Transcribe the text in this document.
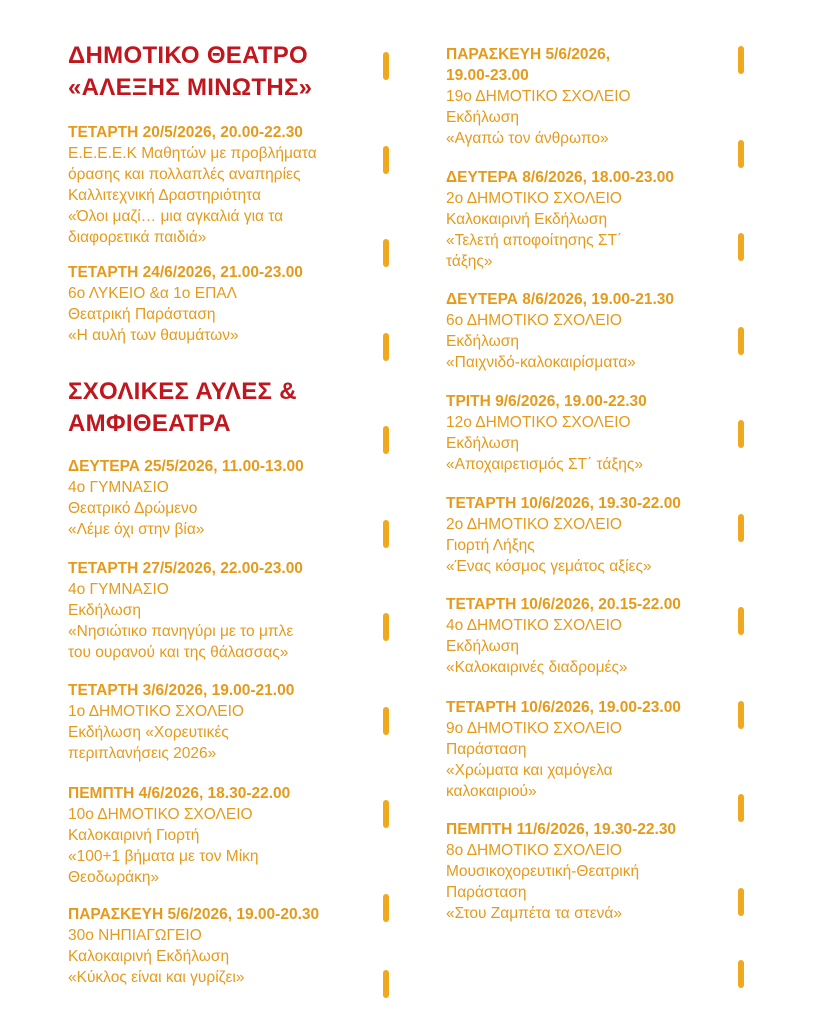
ΔΗΜΟΤΙΚΟ ΘΕΑΤΡΟ
«ΑΛΕΞΗΣ ΜΙΝΩΤΗΣ»
ΤΕΤΑΡΤΗ 20/5/2026, 20.00-22.30
Ε.Ε.Ε.Ε.Κ Μαθητών με προβλήματα
όρασης και πολλαπλές αναπηρίες
Καλλιτεχνική Δραστηριότητα
«Όλοι μαζί… μια αγκαλιά για τα
διαφορετικά παιδιά»
ΤΕΤΑΡΤΗ 24/6/2026, 21.00-23.00
6ο ΛΥΚΕΙΟ &α 1ο ΕΠΑΛ
Θεατρική Παράσταση
«Η αυλή των θαυμάτων»
ΣΧΟΛΙΚΕΣ ΑΥΛΕΣ &
ΑΜΦΙΘΕΑΤΡΑ
ΔΕΥΤΕΡΑ 25/5/2026, 11.00-13.00
4ο ΓΥΜΝΑΣΙΟ
Θεατρικό Δρώμενο
«Λέμε όχι στην βία»
ΤΕΤΑΡΤΗ 27/5/2026, 22.00-23.00
4ο ΓΥΜΝΑΣΙΟ
Εκδήλωση
«Νησιώτικο πανηγύρι με το μπλε
του ουρανού και της θάλασσας»
ΤΕΤΑΡΤΗ 3/6/2026, 19.00-21.00
1ο ΔΗΜΟΤΙΚΟ ΣΧΟΛΕΙΟ
Εκδήλωση «Χορευτικές
περιπλανήσεις 2026»
ΠΕΜΠΤΗ 4/6/2026, 18.30-22.00
10ο ΔΗΜΟΤΙΚΟ ΣΧΟΛΕΙΟ
Καλοκαιρινή Γιορτή
«100+1 βήματα με τον Μίκη
Θεοδωράκη»
ΠΑΡΑΣΚΕΥΗ 5/6/2026, 19.00-20.30
30ο ΝΗΠΙΑΓΩΓΕΙΟ
Καλοκαιρινή Εκδήλωση
«Κύκλος είναι και γυρίζει»
ΠΑΡΑΣΚΕΥΗ 5/6/2026,
19.00-23.00
19ο ΔΗΜΟΤΙΚΟ ΣΧΟΛΕΙΟ
Εκδήλωση
«Αγαπώ τον άνθρωπο»
ΔΕΥΤΕΡΑ 8/6/2026, 18.00-23.00
2ο ΔΗΜΟΤΙΚΟ ΣΧΟΛΕΙΟ
Καλοκαιρινή Εκδήλωση
«Τελετή αποφοίτησης ΣΤ΄
τάξης»
ΔΕΥΤΕΡΑ 8/6/2026, 19.00-21.30
6ο ΔΗΜΟΤΙΚΟ ΣΧΟΛΕΙΟ
Εκδήλωση
«Παιχνιδό-καλοκαιρίσματα»
ΤΡΙΤΗ 9/6/2026, 19.00-22.30
12ο ΔΗΜΟΤΙΚΟ ΣΧΟΛΕΙΟ
Εκδήλωση
«Αποχαιρετισμός ΣΤ΄ τάξης»
ΤΕΤΑΡΤΗ 10/6/2026, 19.30-22.00
2ο ΔΗΜΟΤΙΚΟ ΣΧΟΛΕΙΟ
Γιορτή Λήξης
«Ένας κόσμος γεμάτος αξίες»
ΤΕΤΑΡΤΗ 10/6/2026, 20.15-22.00
4ο ΔΗΜΟΤΙΚΟ ΣΧΟΛΕΙΟ
Εκδήλωση
«Καλοκαιρινές διαδρομές»
ΤΕΤΑΡΤΗ 10/6/2026, 19.00-23.00
9ο ΔΗΜΟΤΙΚΟ ΣΧΟΛΕΙΟ
Παράσταση
«Χρώματα και χαμόγελα
καλοκαιριού»
ΠΕΜΠΤΗ 11/6/2026, 19.30-22.30
8ο ΔΗΜΟΤΙΚΟ ΣΧΟΛΕΙΟ
Μουσικοχορευτική-Θεατρική
Παράσταση
«Στου Ζαμπέτα τα στενά»
